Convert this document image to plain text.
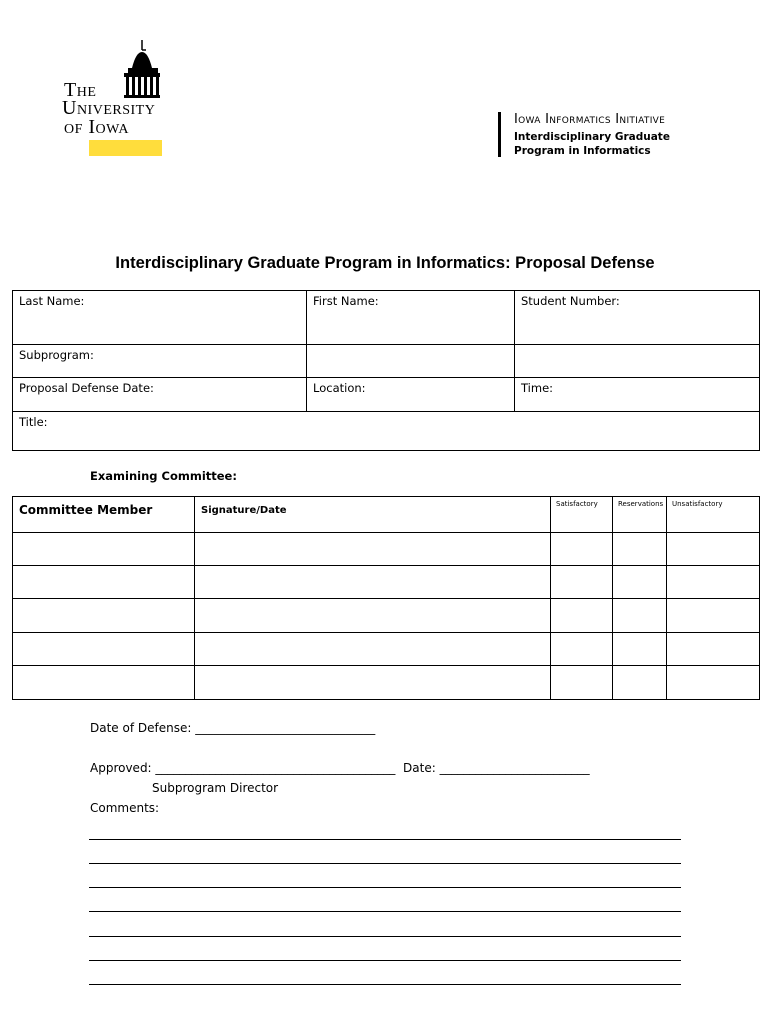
The
University
of Iowa	Iowa Informatics Initiative
Interdisciplinary Graduate
Program in Informatics
Interdisciplinary Graduate Program in Informatics: Proposal Defense
Last Name:	First Name:	Student Number:
Subprogram:		
Proposal Defense Date:	Location:	Time:
Title:		
Examining Committee:
Committee Member	Signature/Date	Satisfactory	Reservations	Unsatisfactory

Date of Defense: ______________________________
Approved: ________________________________________  Date: _________________________
Subprogram Director
Comments:
